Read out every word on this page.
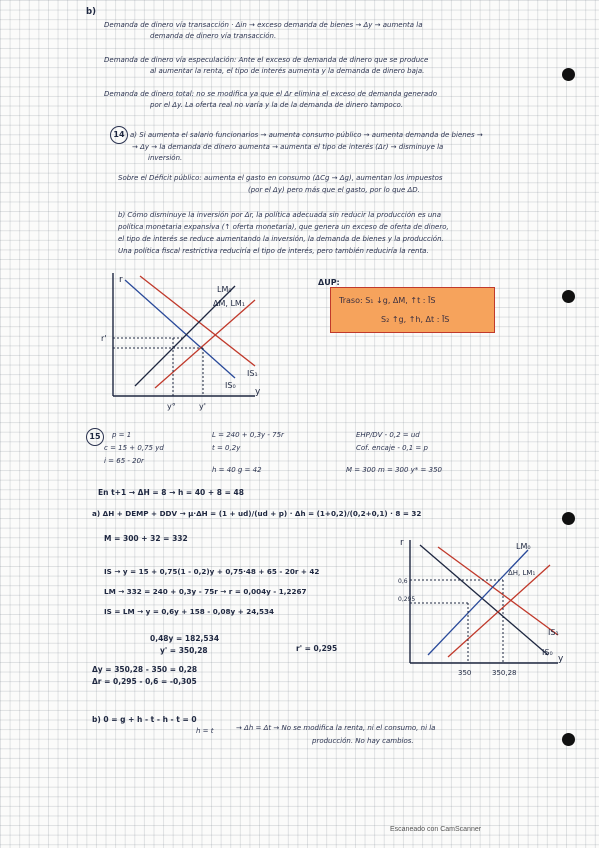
b)
Demanda de dinero vía transacción · Δin → exceso demanda de bienes → Δy → aumenta la
demanda de dinero vía transacción.
Demanda de dinero vía especulación: Ante el exceso de demanda de dinero que se produce
al aumentar la renta, el tipo de interés aumenta y la demanda de dinero baja.
Demanda de dinero total: no se modifica ya que el Δr elimina el exceso de demanda generado
por el Δy. La oferta real no varía y la de la demanda de dinero tampoco.
14 a) Si aumenta el salario funcionarios → aumenta consumo público → aumenta demanda de bienes →
→ Δy → la demanda de dinero aumenta → aumenta el tipo de interés (Δr) → disminuye la
inversión.
Sobre el Déficit público: aumenta el gasto en consumo (ΔCg → Δg), aumentan los impuestos
(por el Δy) pero más que el gasto, por lo que ΔD.
b) Cómo disminuye la inversión por Δr, la política adecuada sin reducir la producción es una
política monetaria expansiva (↑ oferta monetaria), que genera un exceso de oferta de dinero,
el tipo de interés se reduce aumentando la inversión, la demanda de bienes y la producción.
Una política fiscal restrictiva reduciría el tipo de interés, pero también reduciría la renta.
r
LM₀
ΔM, LM₁
IS₁
IS₀
y
y°	y'
r'
ΔUP:
Traso: S₁ ↓g, ΔM, ↑t : ĪS
S₂ ↑g, ↑h, Δt : ĪS
15	p = 1
c = 15 + 0,75 yd
i = 65 - 20r
L = 240 + 0,3y - 75r
t = 0,2y
h = 40 g = 42
EHP/DV - 0,2 = ud
Cof. encaje - 0,1 = p
M = 300 m = 300 y* = 350
En t+1 → ΔH = 8 → h = 40 + 8 = 48
a) ΔH + DEMP + DDV → μ·ΔH = (1 + ud)/(ud + p) · Δh = (1+0,2)/(0,2+0,1) · 8 = 32
M = 300 + 32 = 332
IS → y = 15 + 0,75(1 - 0,2)y + 0,75·48 + 65 - 20r + 42
LM → 332 = 240 + 0,3y - 75r → r = 0,004y - 1,2267
IS = LM → y = 0,6y + 158 - 0,08y + 24,534
0,48y = 182,534
y' = 350,28	r' = 0,295
Δy = 350,28 - 350 = 0,28
Δr = 0,295 - 0,6 = -0,305
b) 0 = g + h - t - h - t = 0
h = t	→ Δh = Δt → No se modifica la renta, ni el consumo, ni la
producción. No hay cambios.
r	LM₀
ΔH, LM₁
IS₁
IS₀
y
350	350,28
0,6
0,295
Escaneado con CamScanner
